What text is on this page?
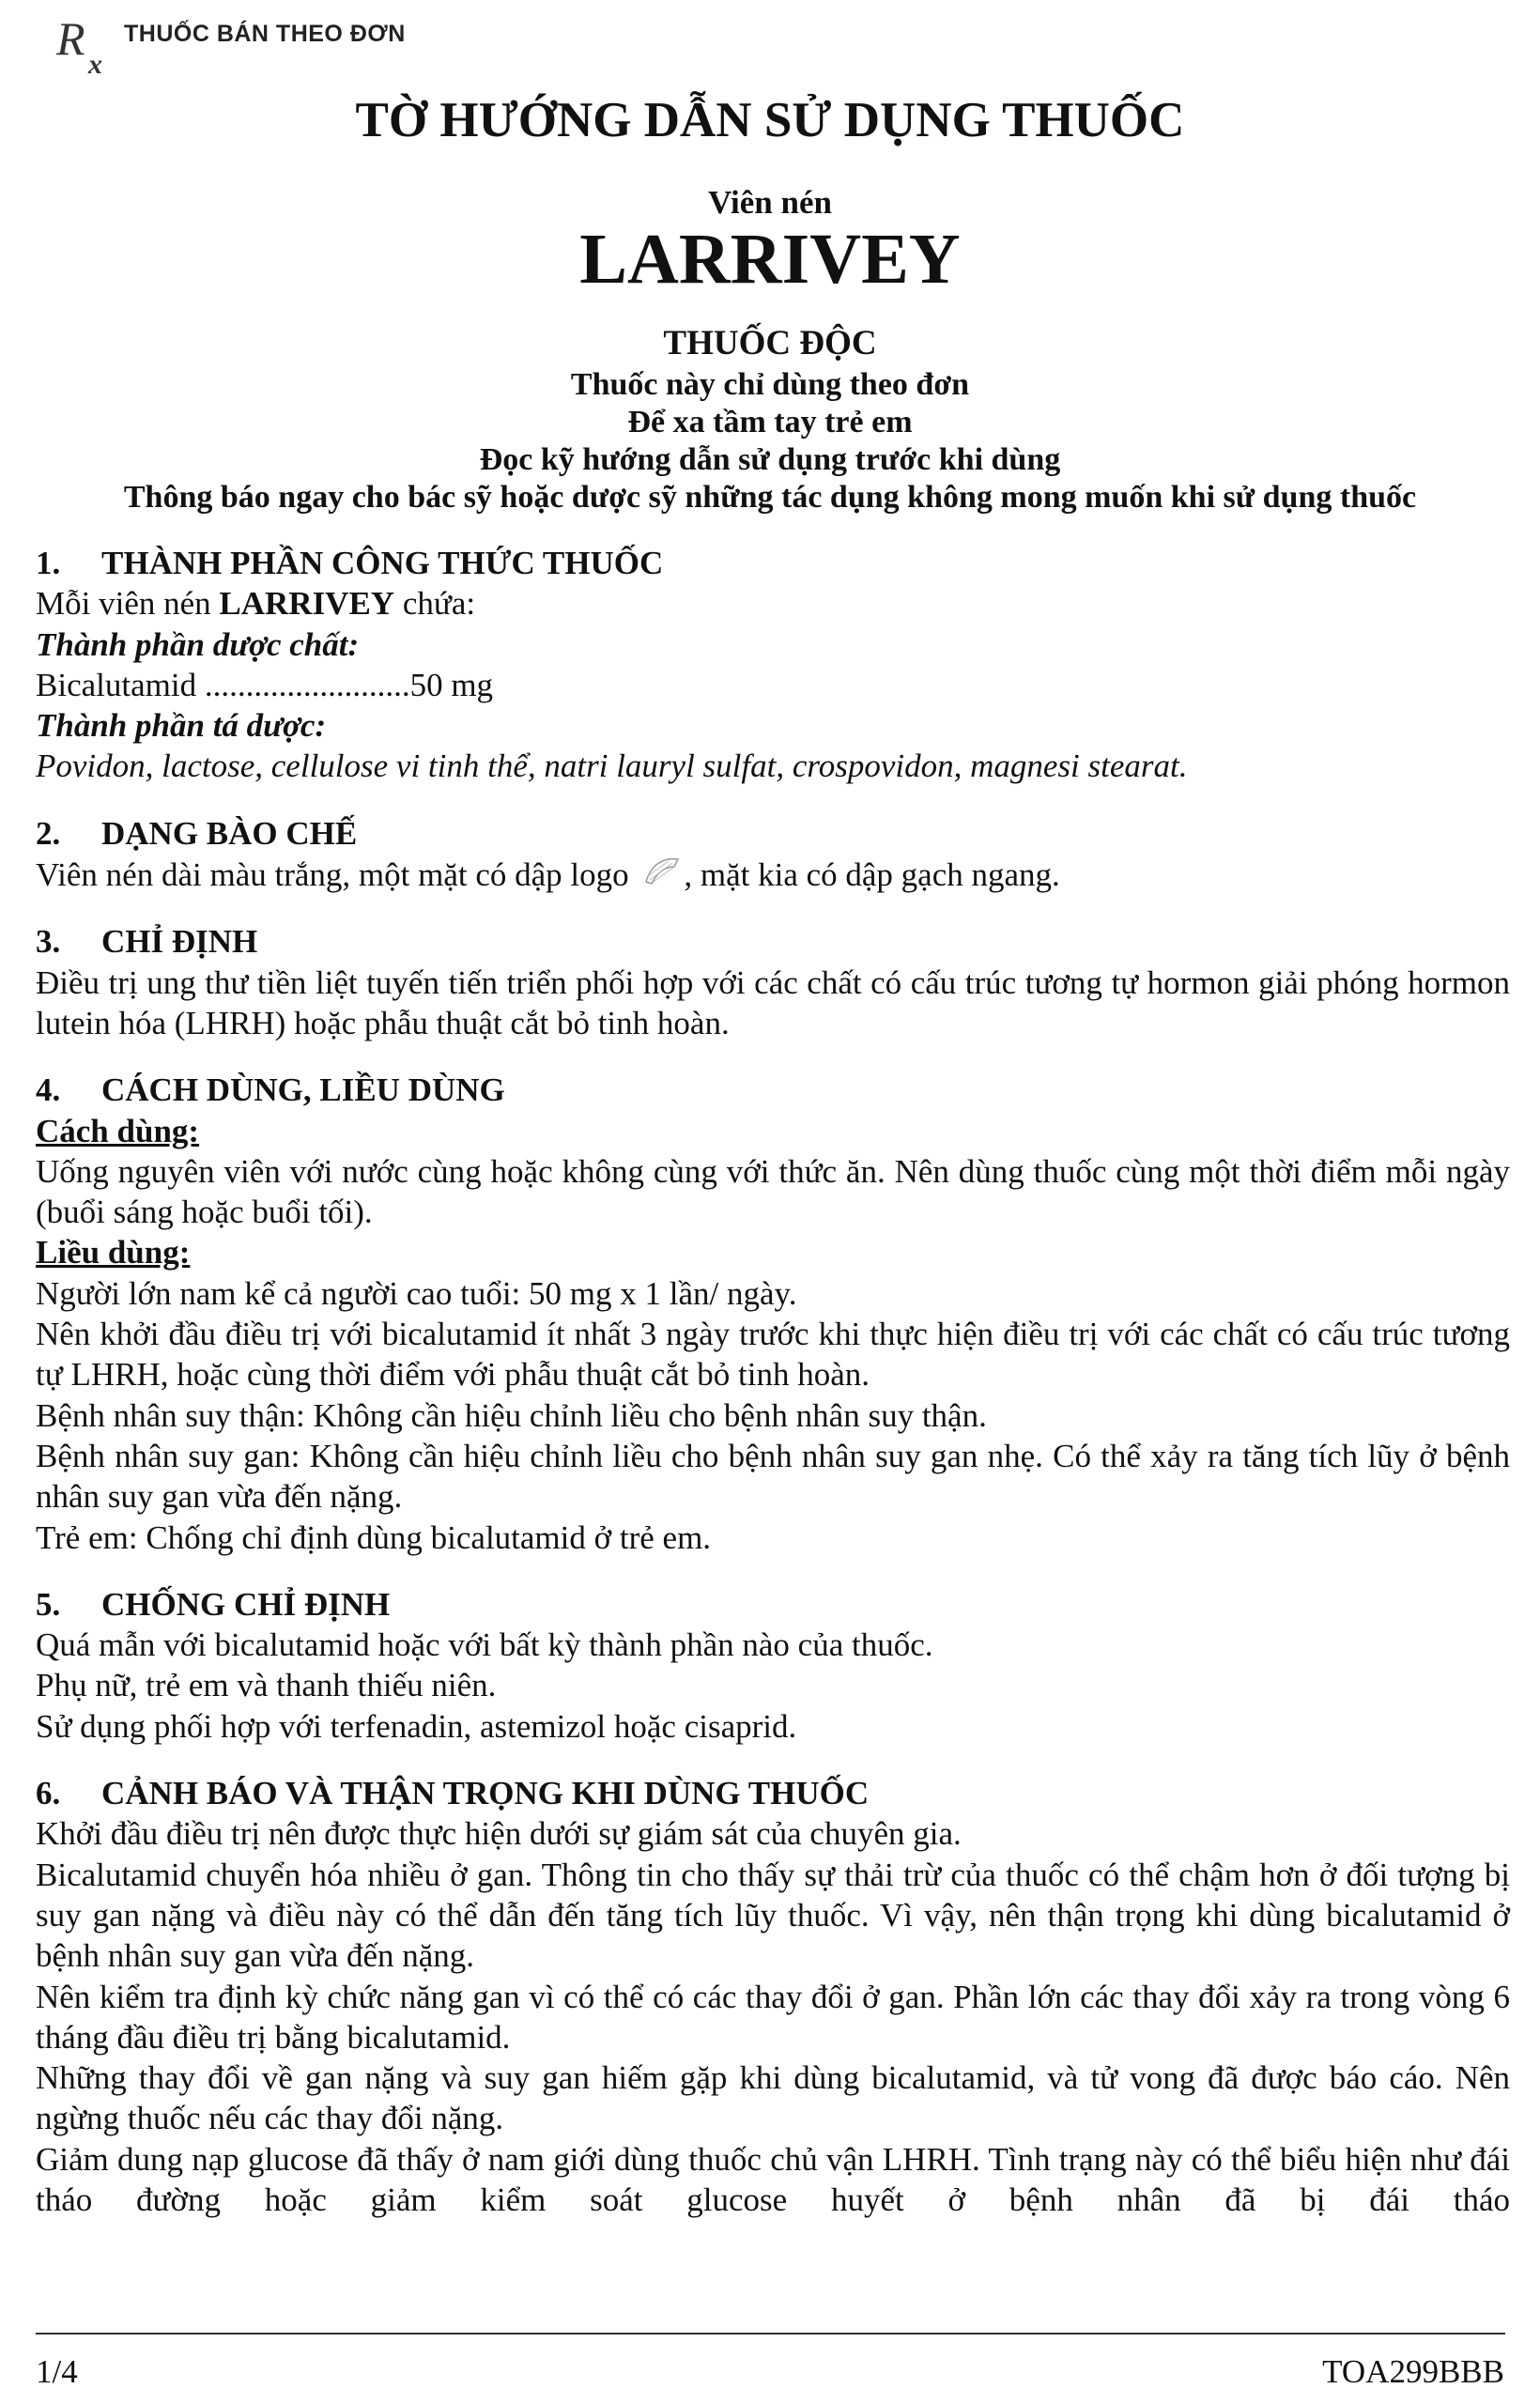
R x
THUỐC BÁN THEO ĐƠN
TỜ HƯỚNG DẪN SỬ DỤNG THUỐC
Viên nén
LARRIVEY
THUỐC ĐỘC
Thuốc này chỉ dùng theo đơn
Để xa tầm tay trẻ em
Đọc kỹ hướng dẫn sử dụng trước khi dùng
Thông báo ngay cho bác sỹ hoặc dược sỹ những tác dụng không mong muốn khi sử dụng thuốc
1. THÀNH PHẦN CÔNG THỨC THUỐC

Mỗi viên nén LARRIVEY chứa:

Thành phần dược chất:

Bicalutamid .........................50 mg

Thành phần tá dược:

Povidon, lactose, cellulose vi tinh thể, natri lauryl sulfat, crospovidon, magnesi stearat.

2. DẠNG BÀO CHẾ

Viên nén dài màu trắng, một mặt có dập logo , mặt kia có dập gạch ngang.

3. CHỈ ĐỊNH

Điều trị ung thư tiền liệt tuyến tiến triển phối hợp với các chất có cấu trúc tương tự hormon giải phóng hormon lutein hóa (LHRH) hoặc phẫu thuật cắt bỏ tinh hoàn.

4. CÁCH DÙNG, LIỀU DÙNG

Cách dùng:

Uống nguyên viên với nước cùng hoặc không cùng với thức ăn. Nên dùng thuốc cùng một thời điểm mỗi ngày (buổi sáng hoặc buổi tối).

Liều dùng:

Người lớn nam kể cả người cao tuổi: 50 mg x 1 lần/ ngày.

Nên khởi đầu điều trị với bicalutamid ít nhất 3 ngày trước khi thực hiện điều trị với các chất có cấu trúc tương tự LHRH, hoặc cùng thời điểm với phẫu thuật cắt bỏ tinh hoàn.

Bệnh nhân suy thận: Không cần hiệu chỉnh liều cho bệnh nhân suy thận.

Bệnh nhân suy gan: Không cần hiệu chỉnh liều cho bệnh nhân suy gan nhẹ. Có thể xảy ra tăng tích lũy ở bệnh nhân suy gan vừa đến nặng.

Trẻ em: Chống chỉ định dùng bicalutamid ở trẻ em.

5. CHỐNG CHỈ ĐỊNH

Quá mẫn với bicalutamid hoặc với bất kỳ thành phần nào của thuốc.

Phụ nữ, trẻ em và thanh thiếu niên.

Sử dụng phối hợp với terfenadin, astemizol hoặc cisaprid.

6. CẢNH BÁO VÀ THẬN TRỌNG KHI DÙNG THUỐC

Khởi đầu điều trị nên được thực hiện dưới sự giám sát của chuyên gia.

Bicalutamid chuyển hóa nhiều ở gan. Thông tin cho thấy sự thải trừ của thuốc có thể chậm hơn ở đối tượng bị suy gan nặng và điều này có thể dẫn đến tăng tích lũy thuốc. Vì vậy, nên thận trọng khi dùng bicalutamid ở bệnh nhân suy gan vừa đến nặng.

Nên kiểm tra định kỳ chức năng gan vì có thể có các thay đổi ở gan. Phần lớn các thay đổi xảy ra trong vòng 6 tháng đầu điều trị bằng bicalutamid.

Những thay đổi về gan nặng và suy gan hiếm gặp khi dùng bicalutamid, và tử vong đã được báo cáo. Nên ngừng thuốc nếu các thay đổi nặng.

Giảm dung nạp glucose đã thấy ở nam giới dùng thuốc chủ vận LHRH. Tình trạng này có thể biểu hiện như đái tháo đường hoặc giảm kiểm soát glucose huyết ở bệnh nhân đã bị đái tháo

1/4	TOA299BBB
